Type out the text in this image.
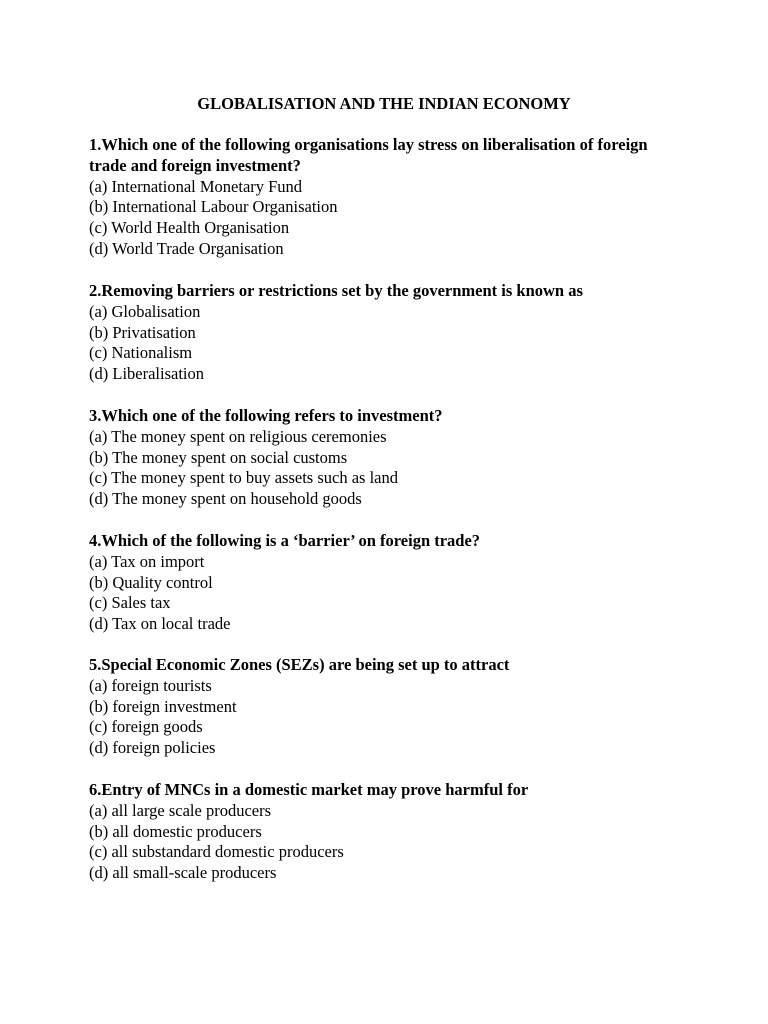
GLOBALISATION AND THE INDIAN ECONOMY

1.Which one of the following organisations lay stress on liberalisation of foreign trade and foreign investment?

(a) International Monetary Fund

(b) International Labour Organisation

(c) World Health Organisation

(d) World Trade Organisation

2.Removing barriers or restrictions set by the government is known as

(a) Globalisation

(b) Privatisation

(c) Nationalism

(d) Liberalisation

3.Which one of the following refers to investment?

(a) The money spent on religious ceremonies

(b) The money spent on social customs

(c) The money spent to buy assets such as land

(d) The money spent on household goods

4.Which of the following is a ‘barrier’ on foreign trade?

(a) Tax on import

(b) Quality control

(c) Sales tax

(d) Tax on local trade

5.Special Economic Zones (SEZs) are being set up to attract

(a) foreign tourists

(b) foreign investment

(c) foreign goods

(d) foreign policies

6.Entry of MNCs in a domestic market may prove harmful for

(a) all large scale producers

(b) all domestic producers

(c) all substandard domestic producers

(d) all small-scale producers
